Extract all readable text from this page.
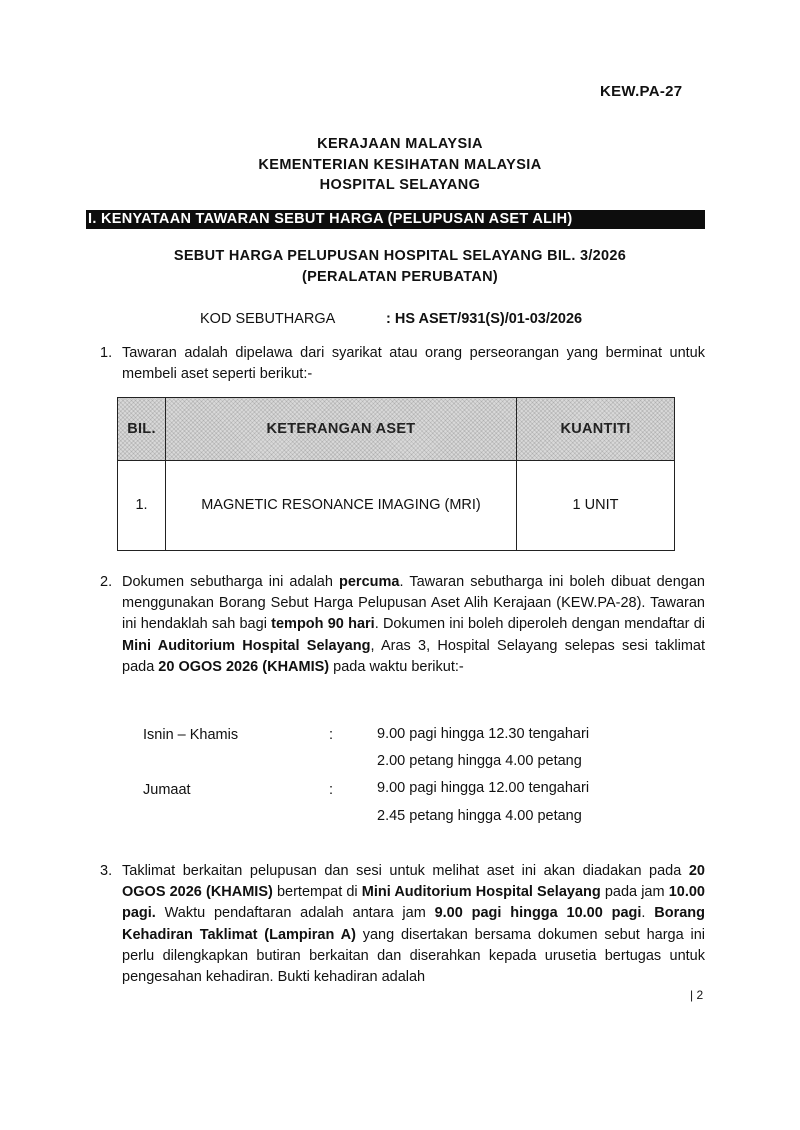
KEW.PA-27
KERAJAAN MALAYSIA
KEMENTERIAN KESIHATAN MALAYSIA
HOSPITAL SELAYANG
I. KENYATAAN TAWARAN SEBUT HARGA (PELUPUSAN ASET ALIH)
SEBUT HARGA PELUPUSAN HOSPITAL SELAYANG BIL. 3/2026
(PERALATAN PERUBATAN)
KOD SEBUTHARGA	: HS ASET/931(S)/01-03/2026
1. Tawaran adalah dipelawa dari syarikat atau orang perseorangan yang berminat untuk membeli aset seperti berikut:-
BIL.	KETERANGAN ASET	KUANTITI
1.	MAGNETIC RESONANCE IMAGING (MRI)	1 UNIT
2. Dokumen sebutharga ini adalah percuma. Tawaran sebutharga ini boleh dibuat dengan menggunakan Borang Sebut Harga Pelupusan Aset Alih Kerajaan (KEW.PA-28). Tawaran ini hendaklah sah bagi tempoh 90 hari. Dokumen ini boleh diperoleh dengan mendaftar di Mini Auditorium Hospital Selayang, Aras 3, Hospital Selayang selepas sesi taklimat pada 20 OGOS 2026 (KHAMIS) pada waktu berikut:-
Isnin – Khamis	:	9.00 pagi hingga 12.30 tengahari
2.00 petang hingga 4.00 petang
Jumaat	:	9.00 pagi hingga 12.00 tengahari
2.45 petang hingga 4.00 petang
3. Taklimat berkaitan pelupusan dan sesi untuk melihat aset ini akan diadakan pada 20 OGOS 2026 (KHAMIS) bertempat di Mini Auditorium Hospital Selayang pada jam 10.00 pagi. Waktu pendaftaran adalah antara jam 9.00 pagi hingga 10.00 pagi. Borang Kehadiran Taklimat (Lampiran A) yang disertakan bersama dokumen sebut harga ini perlu dilengkapkan butiran berkaitan dan diserahkan kepada urusetia bertugas untuk pengesahan kehadiran. Bukti kehadiran adalah
| 2
